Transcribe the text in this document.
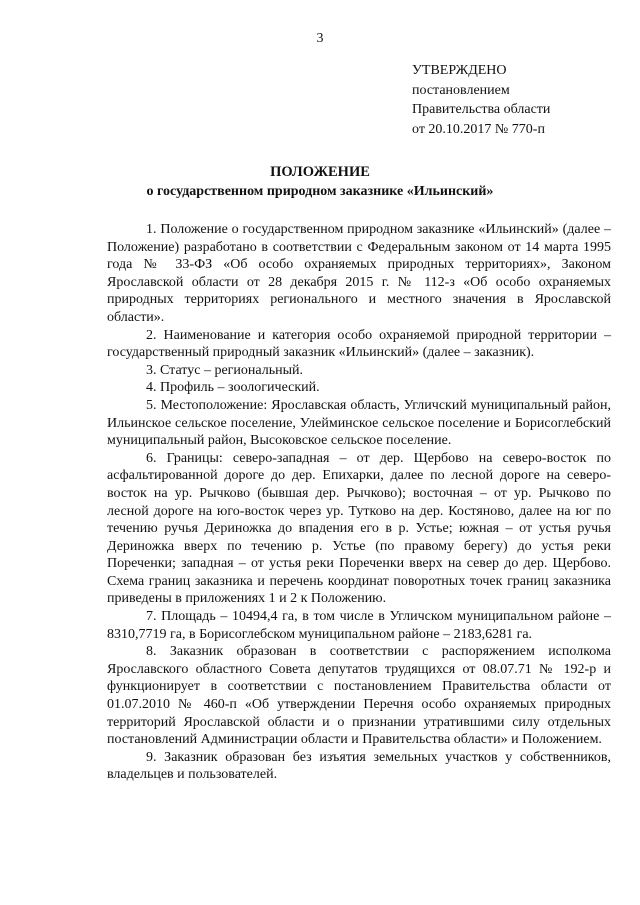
3
УТВЕРЖДЕНО
постановлением
Правительства области
от 20.10.2017 № 770-п
ПОЛОЖЕНИЕ
о государственном природном заказнике «Ильинский»

1. Положение о государственном природном заказнике «Ильинский» (далее – Положение) разработано в соответствии с Федеральным законом от 14 марта 1995 года № 33-ФЗ «Об особо охраняемых природных территориях», Законом Ярославской области от 28 декабря 2015 г. № 112-з «Об особо охраняемых природных территориях регионального и местного значения в Ярославской области».

2. Наименование и категория особо охраняемой природной территории – государственный природный заказник «Ильинский» (далее – заказник).

3. Статус – региональный.

4. Профиль – зоологический.

5. Местоположение: Ярославская область, Угличский муниципальный район, Ильинское сельское поселение, Улейминское сельское поселение и Борисоглебский муниципальный район, Высоковское сельское поселение.

6. Границы: северо-западная – от дер. Щербово на северо-восток по асфальтированной дороге до дер. Епихарки, далее по лесной дороге на северо-восток на ур. Рычково (бывшая дер. Рычково); восточная – от ур. Рычково по лесной дороге на юго-восток через ур. Тутково на дер. Костяново, далее на юг по течению ручья Дериножка до впадения его в р. Устье; южная – от устья ручья Дериножка вверх по течению р. Устье (по правому берегу) до устья реки Пореченки; западная – от устья реки Пореченки вверх на север до дер. Щербово. Схема границ заказника и перечень координат поворотных точек границ заказника приведены в приложениях 1 и 2 к Положению.

7. Площадь – 10494,4 га, в том числе в Угличском муниципальном районе – 8310,7719 га, в Борисоглебском муниципальном районе – 2183,6281 га.

8. Заказник образован в соответствии с распоряжением исполкома Ярославского областного Совета депутатов трудящихся от 08.07.71 № 192-р и функционирует в соответствии с постановлением Правительства области от 01.07.2010 № 460-п «Об утверждении Перечня особо охраняемых природных территорий Ярославской области и о признании утратившими силу отдельных постановлений Администрации области и Правительства области» и Положением.

9. Заказник образован без изъятия земельных участков у собственников, владельцев и пользователей.
